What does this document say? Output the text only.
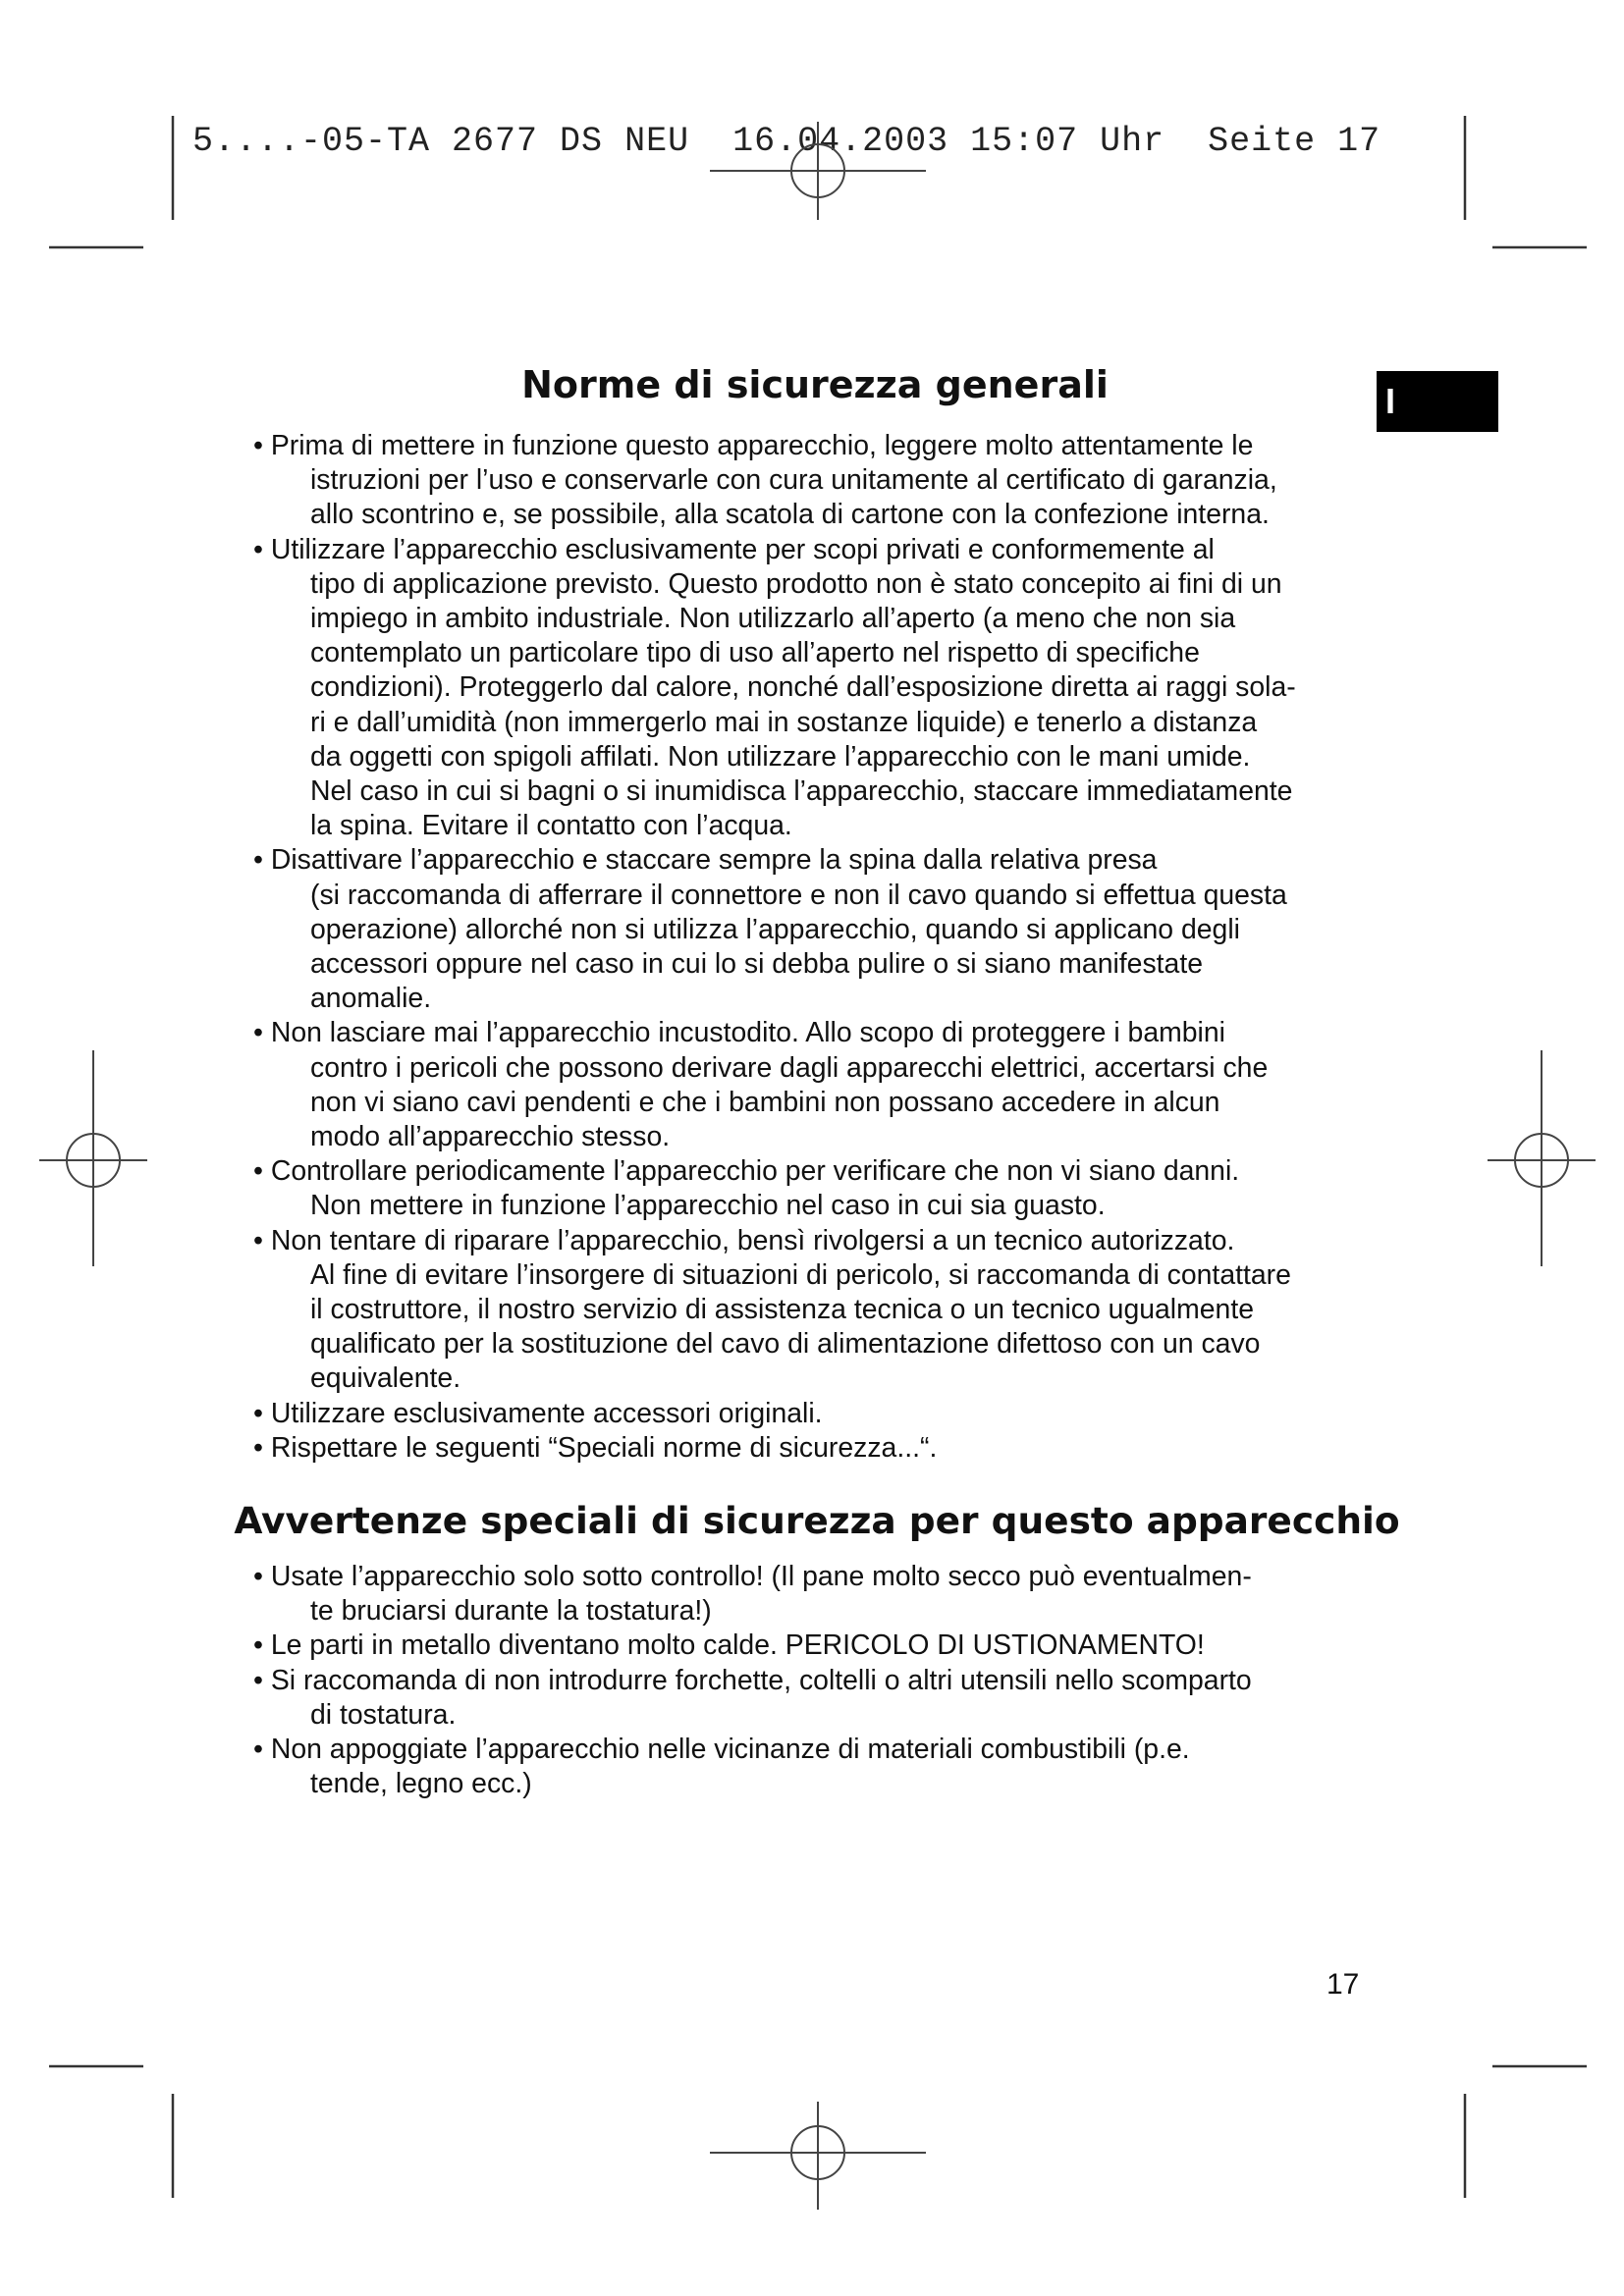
5....-05-TA 2677 DS NEU  16.04.2003 15:07 Uhr  Seite 17
I
Norme di sicurezza generali
• Prima di mettere in funzione questo apparecchio, leggere molto attentamente le
istruzioni per l’uso e conservarle con cura unitamente al certificato di garanzia,
allo scontrino e, se possibile, alla scatola di cartone con la confezione interna.
• Utilizzare l’apparecchio esclusivamente per scopi privati e conformemente al
tipo di applicazione previsto. Questo prodotto non è stato concepito ai fini di un
impiego in ambito industriale. Non utilizzarlo all’aperto (a meno che non sia
contemplato un particolare tipo di uso all’aperto nel rispetto di specifiche
condizioni). Proteggerlo dal calore, nonché dall’esposizione diretta ai raggi sola-
ri e dall’umidità (non immergerlo mai in sostanze liquide) e tenerlo a distanza
da oggetti con spigoli affilati. Non utilizzare l’apparecchio con le mani umide.
Nel caso in cui si bagni o si inumidisca l’apparecchio, staccare immediatamente
la spina. Evitare il contatto con l’acqua.
• Disattivare l’apparecchio e staccare sempre la spina dalla relativa presa
(si raccomanda di afferrare il connettore e non il cavo quando si effettua questa
operazione) allorché non si utilizza l’apparecchio, quando si applicano degli
accessori oppure nel caso in cui lo si debba pulire o si siano manifestate
anomalie.
• Non lasciare mai l’apparecchio incustodito. Allo scopo di proteggere i bambini
contro i pericoli che possono derivare dagli apparecchi elettrici, accertarsi che
non vi siano cavi pendenti e che i bambini non possano accedere in alcun
modo all’apparecchio stesso.
• Controllare periodicamente l’apparecchio per verificare che non vi siano danni.
Non mettere in funzione l’apparecchio nel caso in cui sia guasto.
• Non tentare di riparare l’apparecchio, bensì rivolgersi a un tecnico autorizzato.
Al fine di evitare l’insorgere di situazioni di pericolo, si raccomanda di contattare
il costruttore, il nostro servizio di assistenza tecnica o un tecnico ugualmente
qualificato per la sostituzione del cavo di alimentazione difettoso con un cavo
equivalente.
• Utilizzare esclusivamente accessori originali.
• Rispettare le seguenti “Speciali norme di sicurezza...“.
Avvertenze speciali di sicurezza per questo apparecchio
• Usate l’apparecchio solo sotto controllo! (Il pane molto secco può eventualmen-
te bruciarsi durante la tostatura!)
• Le parti in metallo diventano molto calde. PERICOLO DI USTIONAMENTO!
• Si raccomanda di non introdurre forchette, coltelli o altri utensili nello scomparto
di tostatura.
• Non appoggiate l’apparecchio nelle vicinanze di materiali combustibili (p.e.
tende, legno ecc.)
17
